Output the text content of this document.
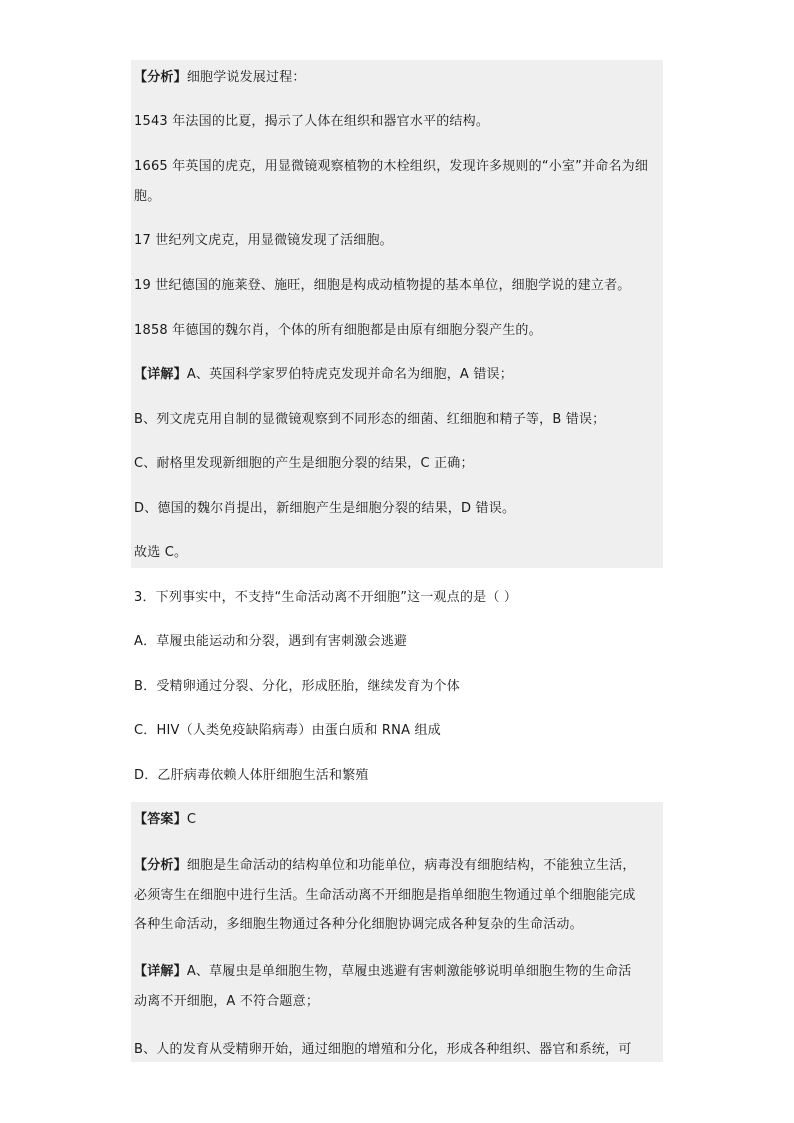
【分析】细胞学说发展过程：
1543 年法国的比夏，揭示了人体在组织和器官水平的结构。
1665 年英国的虎克，用显微镜观察植物的木栓组织，发现许多规则的“小室”并命名为细
胞。
17 世纪列文虎克，用显微镜发现了活细胞。
19 世纪德国的施莱登、施旺，细胞是构成动植物提的基本单位，细胞学说的建立者。
1858 年德国的魏尔肖，个体的所有细胞都是由原有细胞分裂产生的。
【详解】A、英国科学家罗伯特虎克发现并命名为细胞，A 错误；
B、列文虎克用自制的显微镜观察到不同形态的细菌、红细胞和精子等，B 错误；
C、耐格里发现新细胞的产生是细胞分裂的结果，C 正确；
D、德国的魏尔肖提出，新细胞产生是细胞分裂的结果，D 错误。
故选 C。
3．下列事实中，不支持“生命活动离不开细胞”这一观点的是（ ）
A．草履虫能运动和分裂，遇到有害刺激会逃避
B．受精卵通过分裂、分化，形成胚胎，继续发育为个体
C．HIV（人类免疫缺陷病毒）由蛋白质和 RNA 组成
D．乙肝病毒依赖人体肝细胞生活和繁殖
【答案】C
【分析】细胞是生命活动的结构单位和功能单位，病毒没有细胞结构，不能独立生活，
必须寄生在细胞中进行生活。生命活动离不开细胞是指单细胞生物通过单个细胞能完成
各种生命活动，多细胞生物通过各种分化细胞协调完成各种复杂的生命活动。
【详解】A、草履虫是单细胞生物，草履虫逃避有害刺激能够说明单细胞生物的生命活
动离不开细胞，A 不符合题意；
B、人的发育从受精卵开始，通过细胞的增殖和分化，形成各种组织、器官和系统，可
